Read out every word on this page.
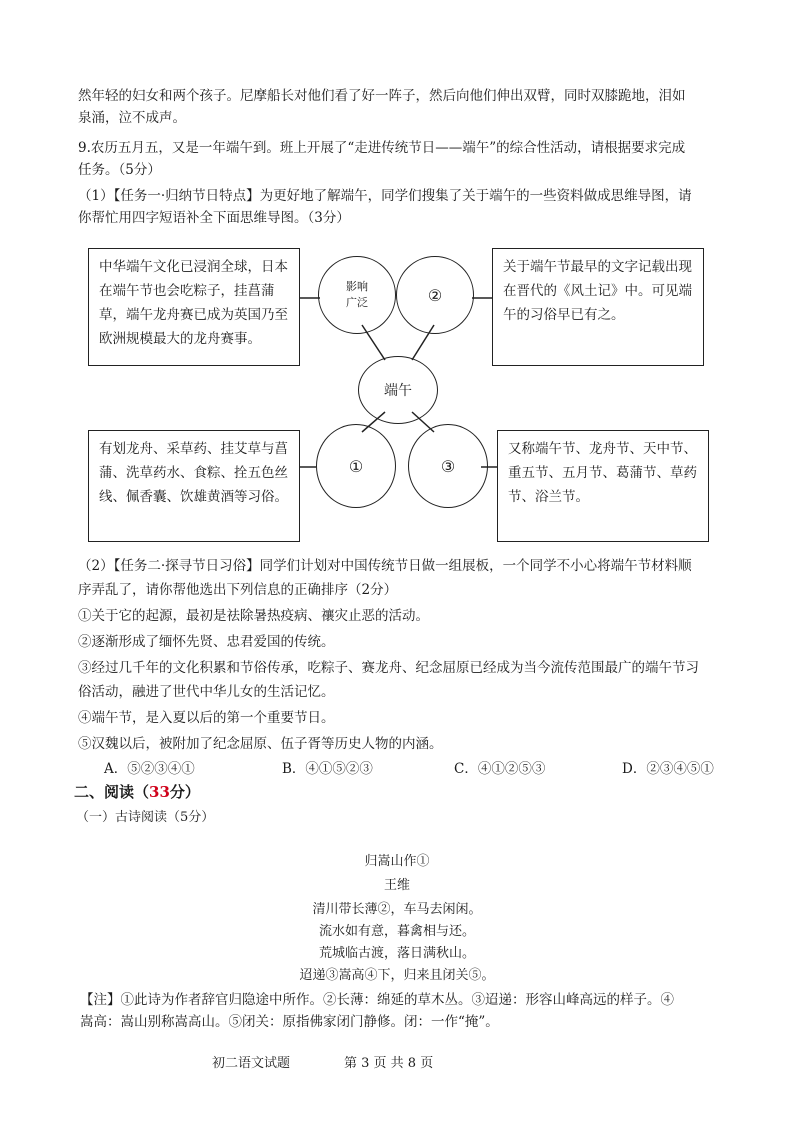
然年轻的妇女和两个孩子。尼摩船长对他们看了好一阵子，然后向他们伸出双臂，同时双膝跪地，泪如
泉涌，泣不成声。
9.农历五月五，又是一年端午到。班上开展了“走进传统节日——端午”的综合性活动，请根据要求完成
任务。（5分）
（1）【任务一·归纳节日特点】为更好地了解端午，同学们搜集了关于端午的一些资料做成思维导图，请
你帮忙用四字短语补全下面思维导图。（3分）
中华端午文化已浸润全球，日本在端午节也会吃粽子，挂菖蒲草，端午龙舟赛已成为英国乃至欧洲规模最大的龙舟赛事。
关于端午节最早的文字记载出现在晋代的《风土记》中。可见端午的习俗早已有之。
有划龙舟、采草药、挂艾草与菖蒲、洗草药水、食粽、拴五色丝线、佩香囊、饮雄黄酒等习俗。
又称端午节、龙舟节、天中节、重五节、五月节、葛蒲节、草药节、浴兰节。
影响
广泛	②
端午
①	③
（2）【任务二·探寻节日习俗】同学们计划对中国传统节日做一组展板，一个同学不小心将端午节材料顺
序弄乱了，请你帮他选出下列信息的正确排序（2分）
①关于它的起源，最初是祛除暑热疫病、禳灾止恶的活动。
②逐渐形成了缅怀先贤、忠君爱国的传统。
③经过几千年的文化积累和节俗传承，吃粽子、赛龙舟、纪念屈原已经成为当今流传范围最广的端午节习
俗活动，融进了世代中华儿女的生活记忆。
④端午节，是入夏以后的第一个重要节日。
⑤汉魏以后，被附加了纪念屈原、伍子胥等历史人物的内涵。
A．⑤②③④①	B．④①⑤②③	C．④①②⑤③	D．②③④⑤①
二、阅读（33分）
（一）古诗阅读（5分）
归嵩山作①
王维
清川带长薄②，车马去闲闲。
流水如有意，暮禽相与还。
荒城临古渡，落日满秋山。
迢递③嵩高④下，归来且闭关⑤。
【注】①此诗为作者辞官归隐途中所作。②长薄：绵延的草木丛。③迢递：形容山峰高远的样子。④
嵩高：嵩山别称嵩高山。⑤闭关：原指佛家闭门静修。闭：一作“掩”。
初二语文试题	第 3 页 共 8 页
